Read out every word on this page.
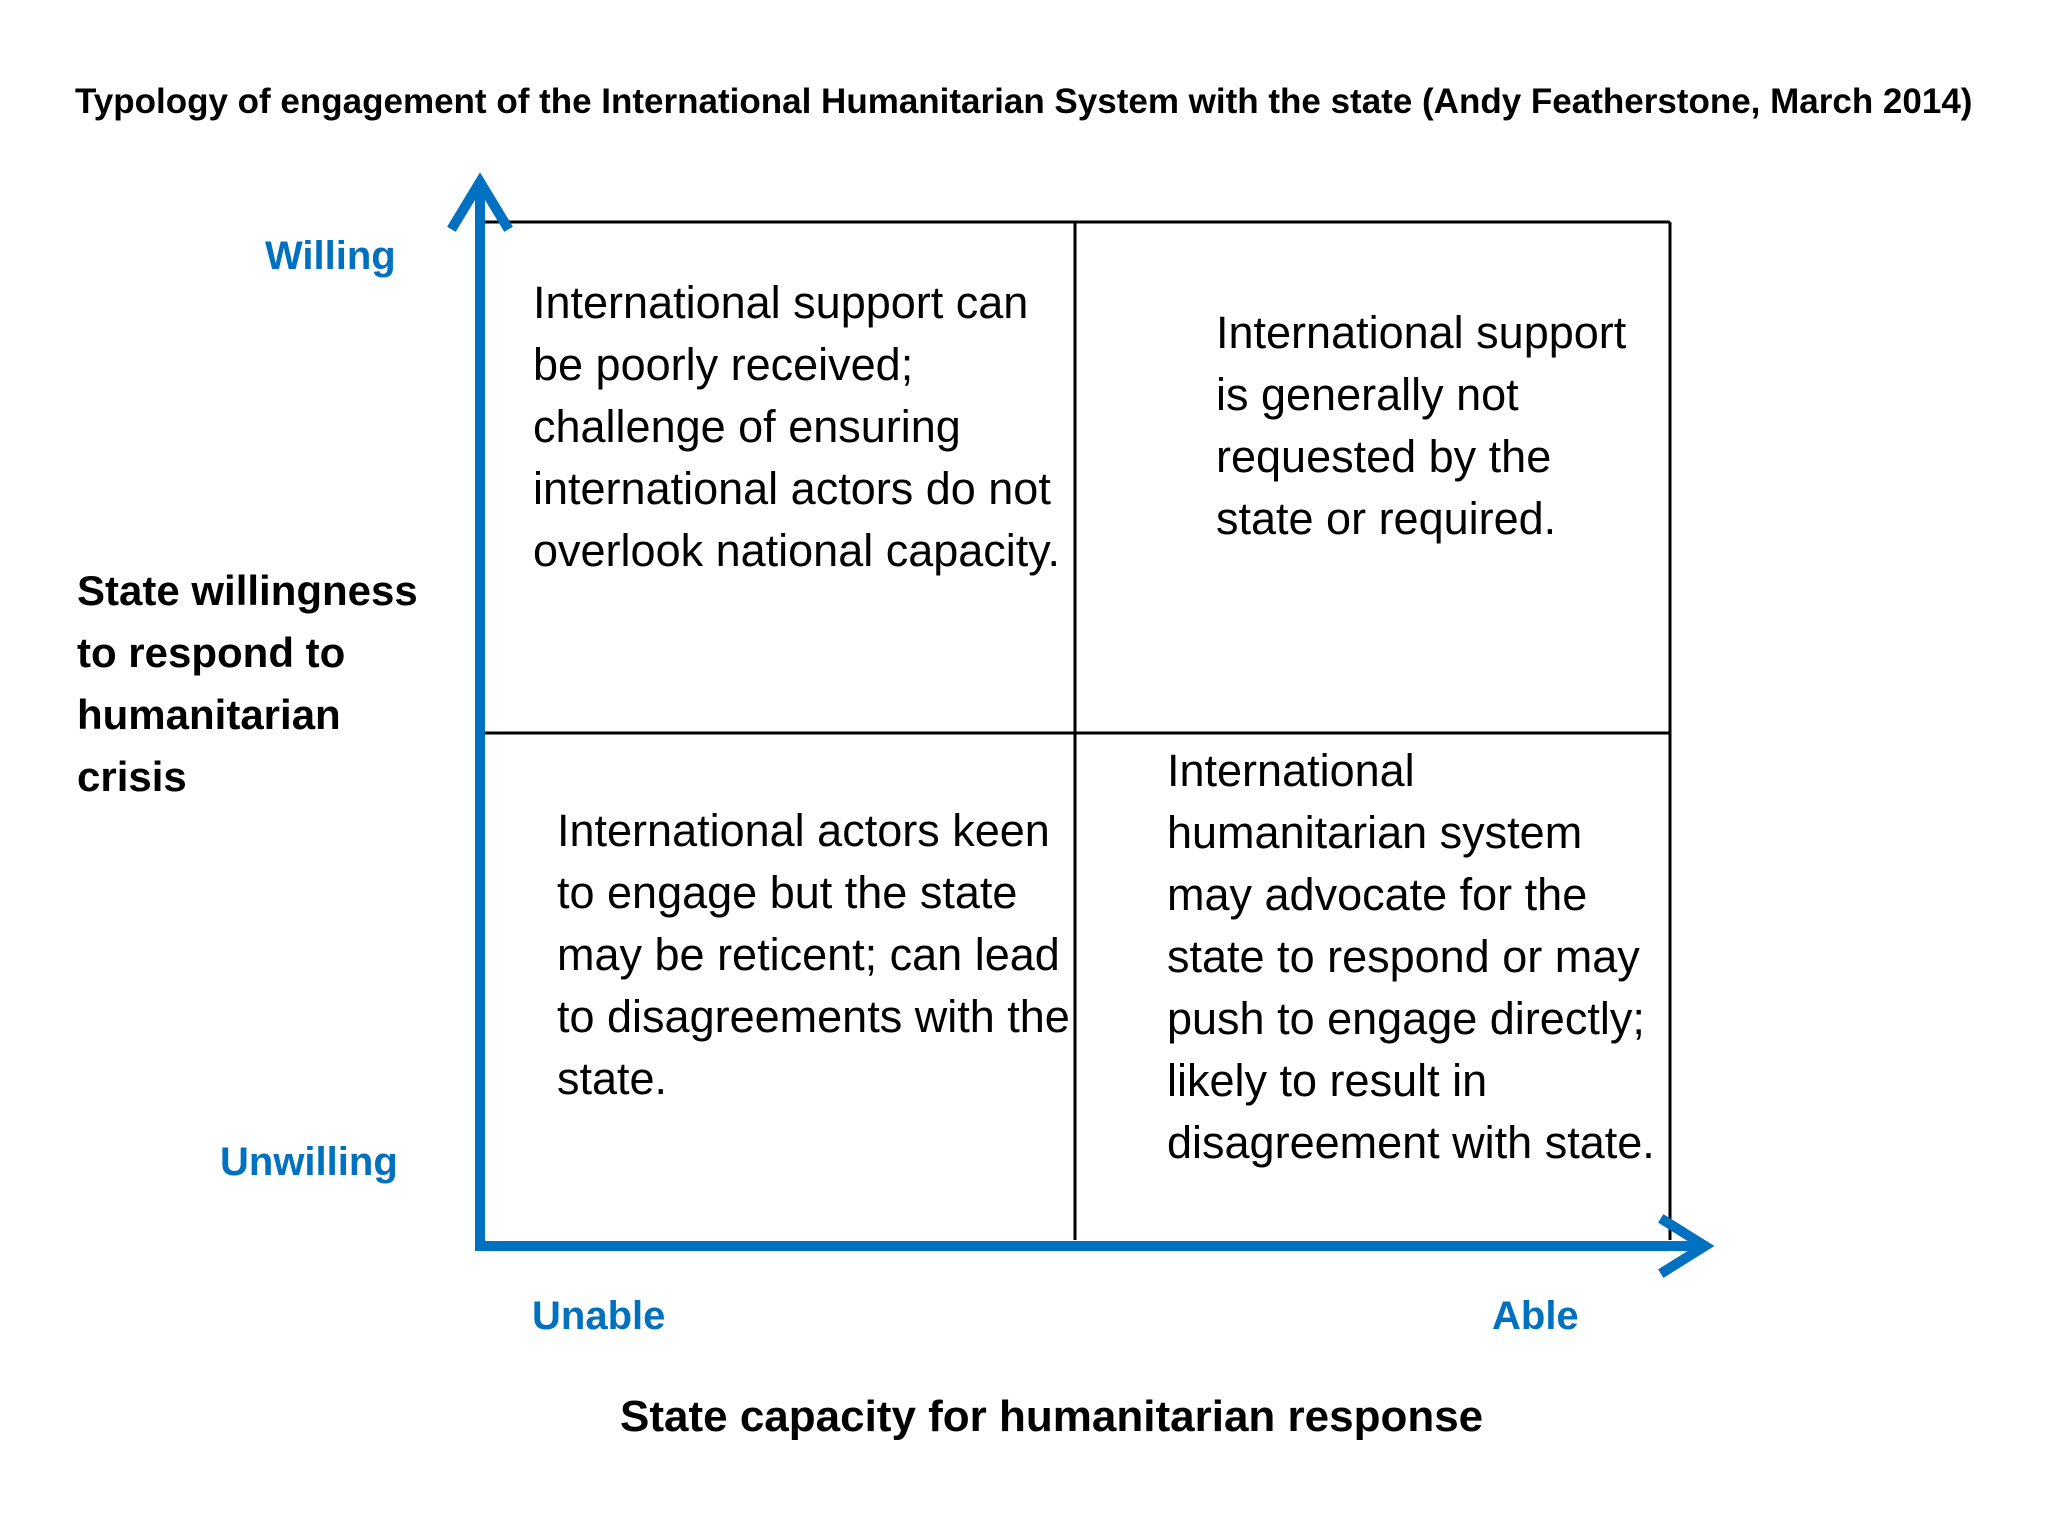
Typology of engagement of the International Humanitarian System with the state (Andy Featherstone, March 2014)
Willing
Unwilling
Unable	Able
State willingness to respond to humanitarian crisis
State capacity for humanitarian response
International support can be poorly received; challenge of ensuring international actors do not overlook national capacity.
International support is generally not requested by the state or required.
International actors keen to engage but the state may be reticent; can lead to disagreements with the state.
International humanitarian system may advocate for the state to respond or may push to engage directly; likely to result in disagreement with state.
